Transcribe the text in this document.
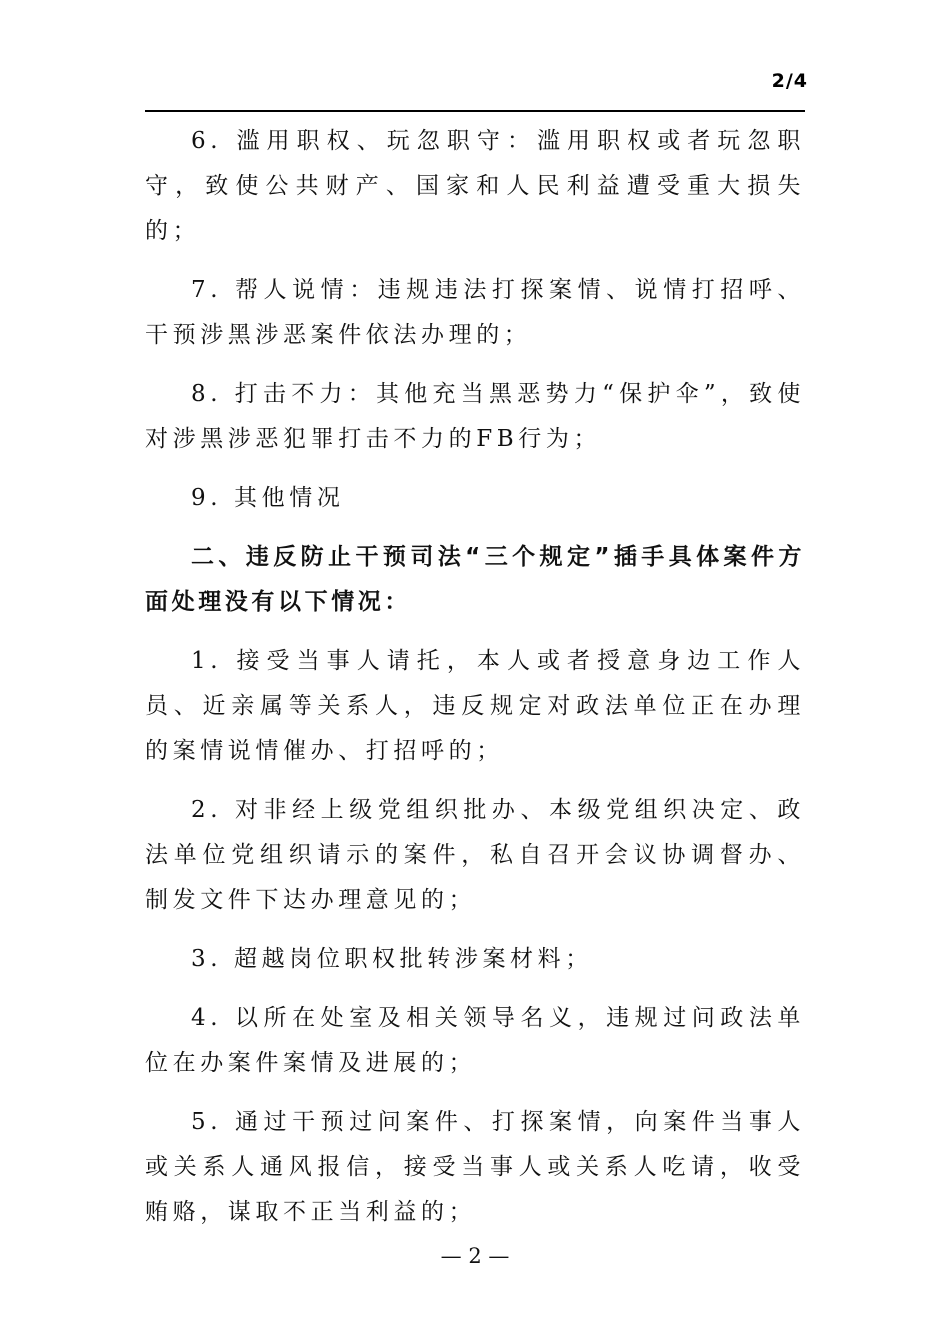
2/4

6. 滥用职权、玩忽职守：滥用职权或者玩忽职守，致使公共财产、国家和人民利益遭受重大损失的；

7. 帮人说情：违规违法打探案情、说情打招呼、干预涉黑涉恶案件依法办理的；

8. 打击不力：其他充当黑恶势力“保护伞”，致使对涉黑涉恶犯罪打击不力的FB行为；

9. 其他情况

二、违反防止干预司法“三个规定”插手具体案件方面处理没有以下情况：

1. 接受当事人请托，本人或者授意身边工作人员、近亲属等关系人，违反规定对政法单位正在办理的案情说情催办、打招呼的；

2. 对非经上级党组织批办、本级党组织决定、政法单位党组织请示的案件，私自召开会议协调督办、制发文件下达办理意见的；

3. 超越岗位职权批转涉案材料；

4. 以所在处室及相关领导名义，违规过问政法单位在办案件案情及进展的；

5. 通过干预过问案件、打探案情，向案件当事人或关系人通风报信，接受当事人或关系人吃请，收受贿赂，谋取不正当利益的；

— 2 —
